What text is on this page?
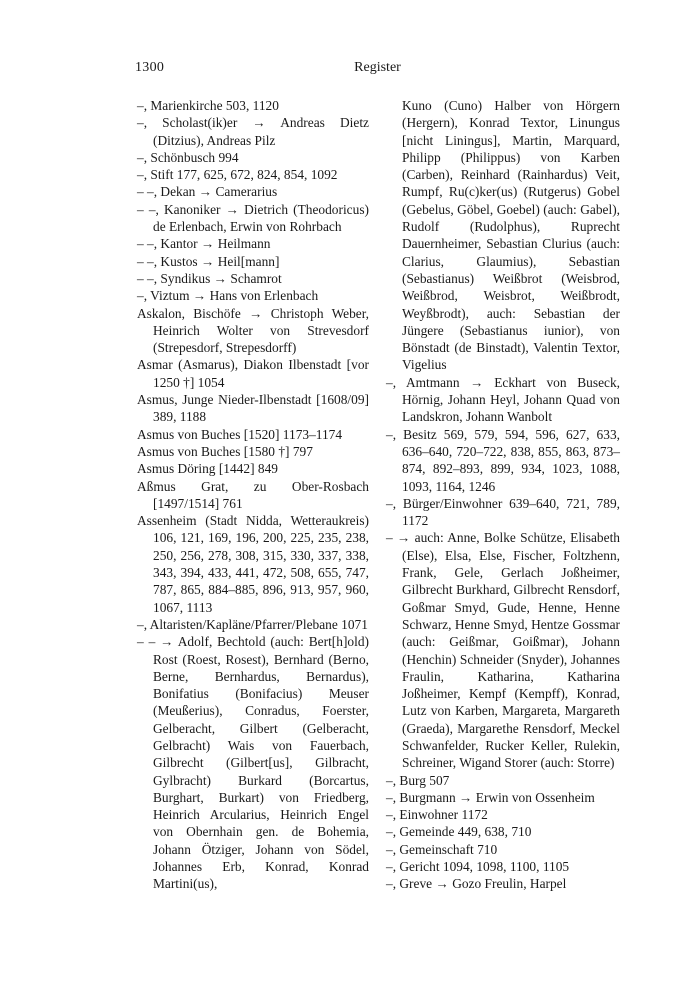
1300	Register
–, Marienkirche 503, 1120
–, Scholast(ik)er → Andreas Dietz (Ditzius), Andreas Pilz
–, Schönbusch 994
–, Stift 177, 625, 672, 824, 854, 1092
– –, Dekan → Camerarius
– –, Kanoniker → Dietrich (Theodoricus) de Erlenbach, Erwin von Rohrbach
– –, Kantor → Heilmann
– –, Kustos → Heil[mann]
– –, Syndikus → Schamrot
–, Viztum → Hans von Erlenbach
Askalon, Bischöfe → Christoph Weber, Heinrich Wolter von Strevesdorf (Strepesdorf, Strepesdorff)
Asmar (Asmarus), Diakon Ilbenstadt [vor 1250 †] 1054
Asmus, Junge Nieder-Ilbenstadt [1608/09] 389, 1188
Asmus von Buches [1520] 1173–1174
Asmus von Buches [1580 †] 797
Asmus Döring [1442] 849
Aßmus Grat, zu Ober-Rosbach [1497/1514] 761
Assenheim (Stadt Nidda, Wetteraukreis) 106, 121, 169, 196, 200, 225, 235, 238, 250, 256, 278, 308, 315, 330, 337, 338, 343, 394, 433, 441, 472, 508, 655, 747, 787, 865, 884–885, 896, 913, 957, 960, 1067, 1113
–, Altaristen/Kapläne/Pfarrer/Plebane 1071
– – → Adolf, Bechtold (auch: Bert[h]old) Rost (Roest, Rosest), Bernhard (Berno, Berne, Bernhardus, Bernardus), Bonifatius (Bonifacius) Meuser (Meußerius), Conradus, Foerster, Gelberacht, Gilbert (Gelberacht, Gelbracht) Wais von Fauerbach, Gilbrecht (Gilbert[us], Gilbracht, Gylbracht) Burkard (Borcartus, Burghart, Burkart) von Friedberg, Heinrich Arcularius, Heinrich Engel von Obernhain gen. de Bohemia, Johann Ötziger, Johann von Södel, Johannes Erb, Konrad, Konrad Martini(us),
Kuno (Cuno) Halber von Hörgern (Hergern), Konrad Textor, Linungus [nicht Liningus], Martin, Marquard, Philipp (Philippus) von Karben (Carben), Reinhard (Rainhardus) Veit, Rumpf, Ru(c)ker(us) (Rutgerus) Gobel (Gebelus, Göbel, Goebel) (auch: Gabel), Rudolf (Rudolphus), Ruprecht Dauernheimer, Sebastian Clurius (auch: Clarius, Glaumius), Sebastian (Sebastianus) Weißbrot (Weisbrod, Weißbrod, Weisbrot, Weißbrodt, Weyßbrodt), auch: Sebastian der Jüngere (Sebastianus iunior), von Bönstadt (de Binstadt), Valentin Textor, Vigelius
–, Amtmann → Eckhart von Buseck, Hörnig, Johann Heyl, Johann Quad von Landskron, Johann Wanbolt
–, Besitz 569, 579, 594, 596, 627, 633, 636–640, 720–722, 838, 855, 863, 873–874, 892–893, 899, 934, 1023, 1088, 1093, 1164, 1246
–, Bürger/Einwohner 639–640, 721, 789, 1172
– → auch: Anne, Bolke Schütze, Elisabeth (Else), Elsa, Else, Fischer, Foltzhenn, Frank, Gele, Gerlach Joßheimer, Gilbrecht Burkhard, Gilbrecht Rensdorf, Goßmar Smyd, Gude, Henne, Henne Schwarz, Henne Smyd, Hentze Gossmar (auch: Geißmar, Goißmar), Johann (Henchin) Schneider (Snyder), Johannes Fraulin, Katharina, Katharina Joßheimer, Kempf (Kempff), Konrad, Lutz von Karben, Margareta, Margareth (Graeda), Margarethe Rensdorf, Meckel Schwanfelder, Rucker Keller, Rulekin, Schreiner, Wigand Storer (auch: Storre)
–, Burg 507
–, Burgmann → Erwin von Ossenheim
–, Einwohner 1172
–, Gemeinde 449, 638, 710
–, Gemeinschaft 710
–, Gericht 1094, 1098, 1100, 1105
–, Greve → Gozo Freulin, Harpel
